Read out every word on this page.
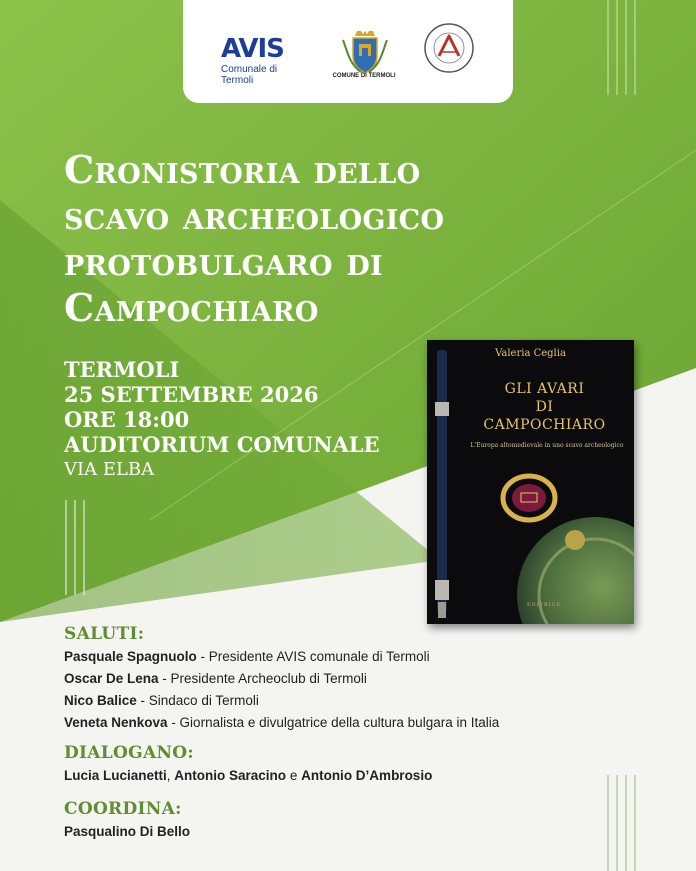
AVIS
Comunale di Termoli	COMUNE DI TERMOLI
Cronistoria dello
scavo archeologico
protobulgaro di
Campochiaro
TERMOLI
25 SETTEMBRE 2026
ORE 18:00
AUDITORIUM COMUNALE
VIA ELBA
Valeria Ceglia
GLI AVARI
DI
CAMPOCHIARO
L'Europa altomedievale in uno scavo archeologico
EDITRICE
SALUTI:
Pasquale Spagnuolo - Presidente AVIS comunale di Termoli
Oscar De Lena - Presidente Archeoclub di Termoli
Nico Balice - Sindaco di Termoli
Veneta Nenkova - Giornalista e divulgatrice della cultura bulgara in Italia
DIALOGANO:
Lucia Lucianetti, Antonio Saracino e Antonio D’Ambrosio
COORDINA:
Pasqualino Di Bello
